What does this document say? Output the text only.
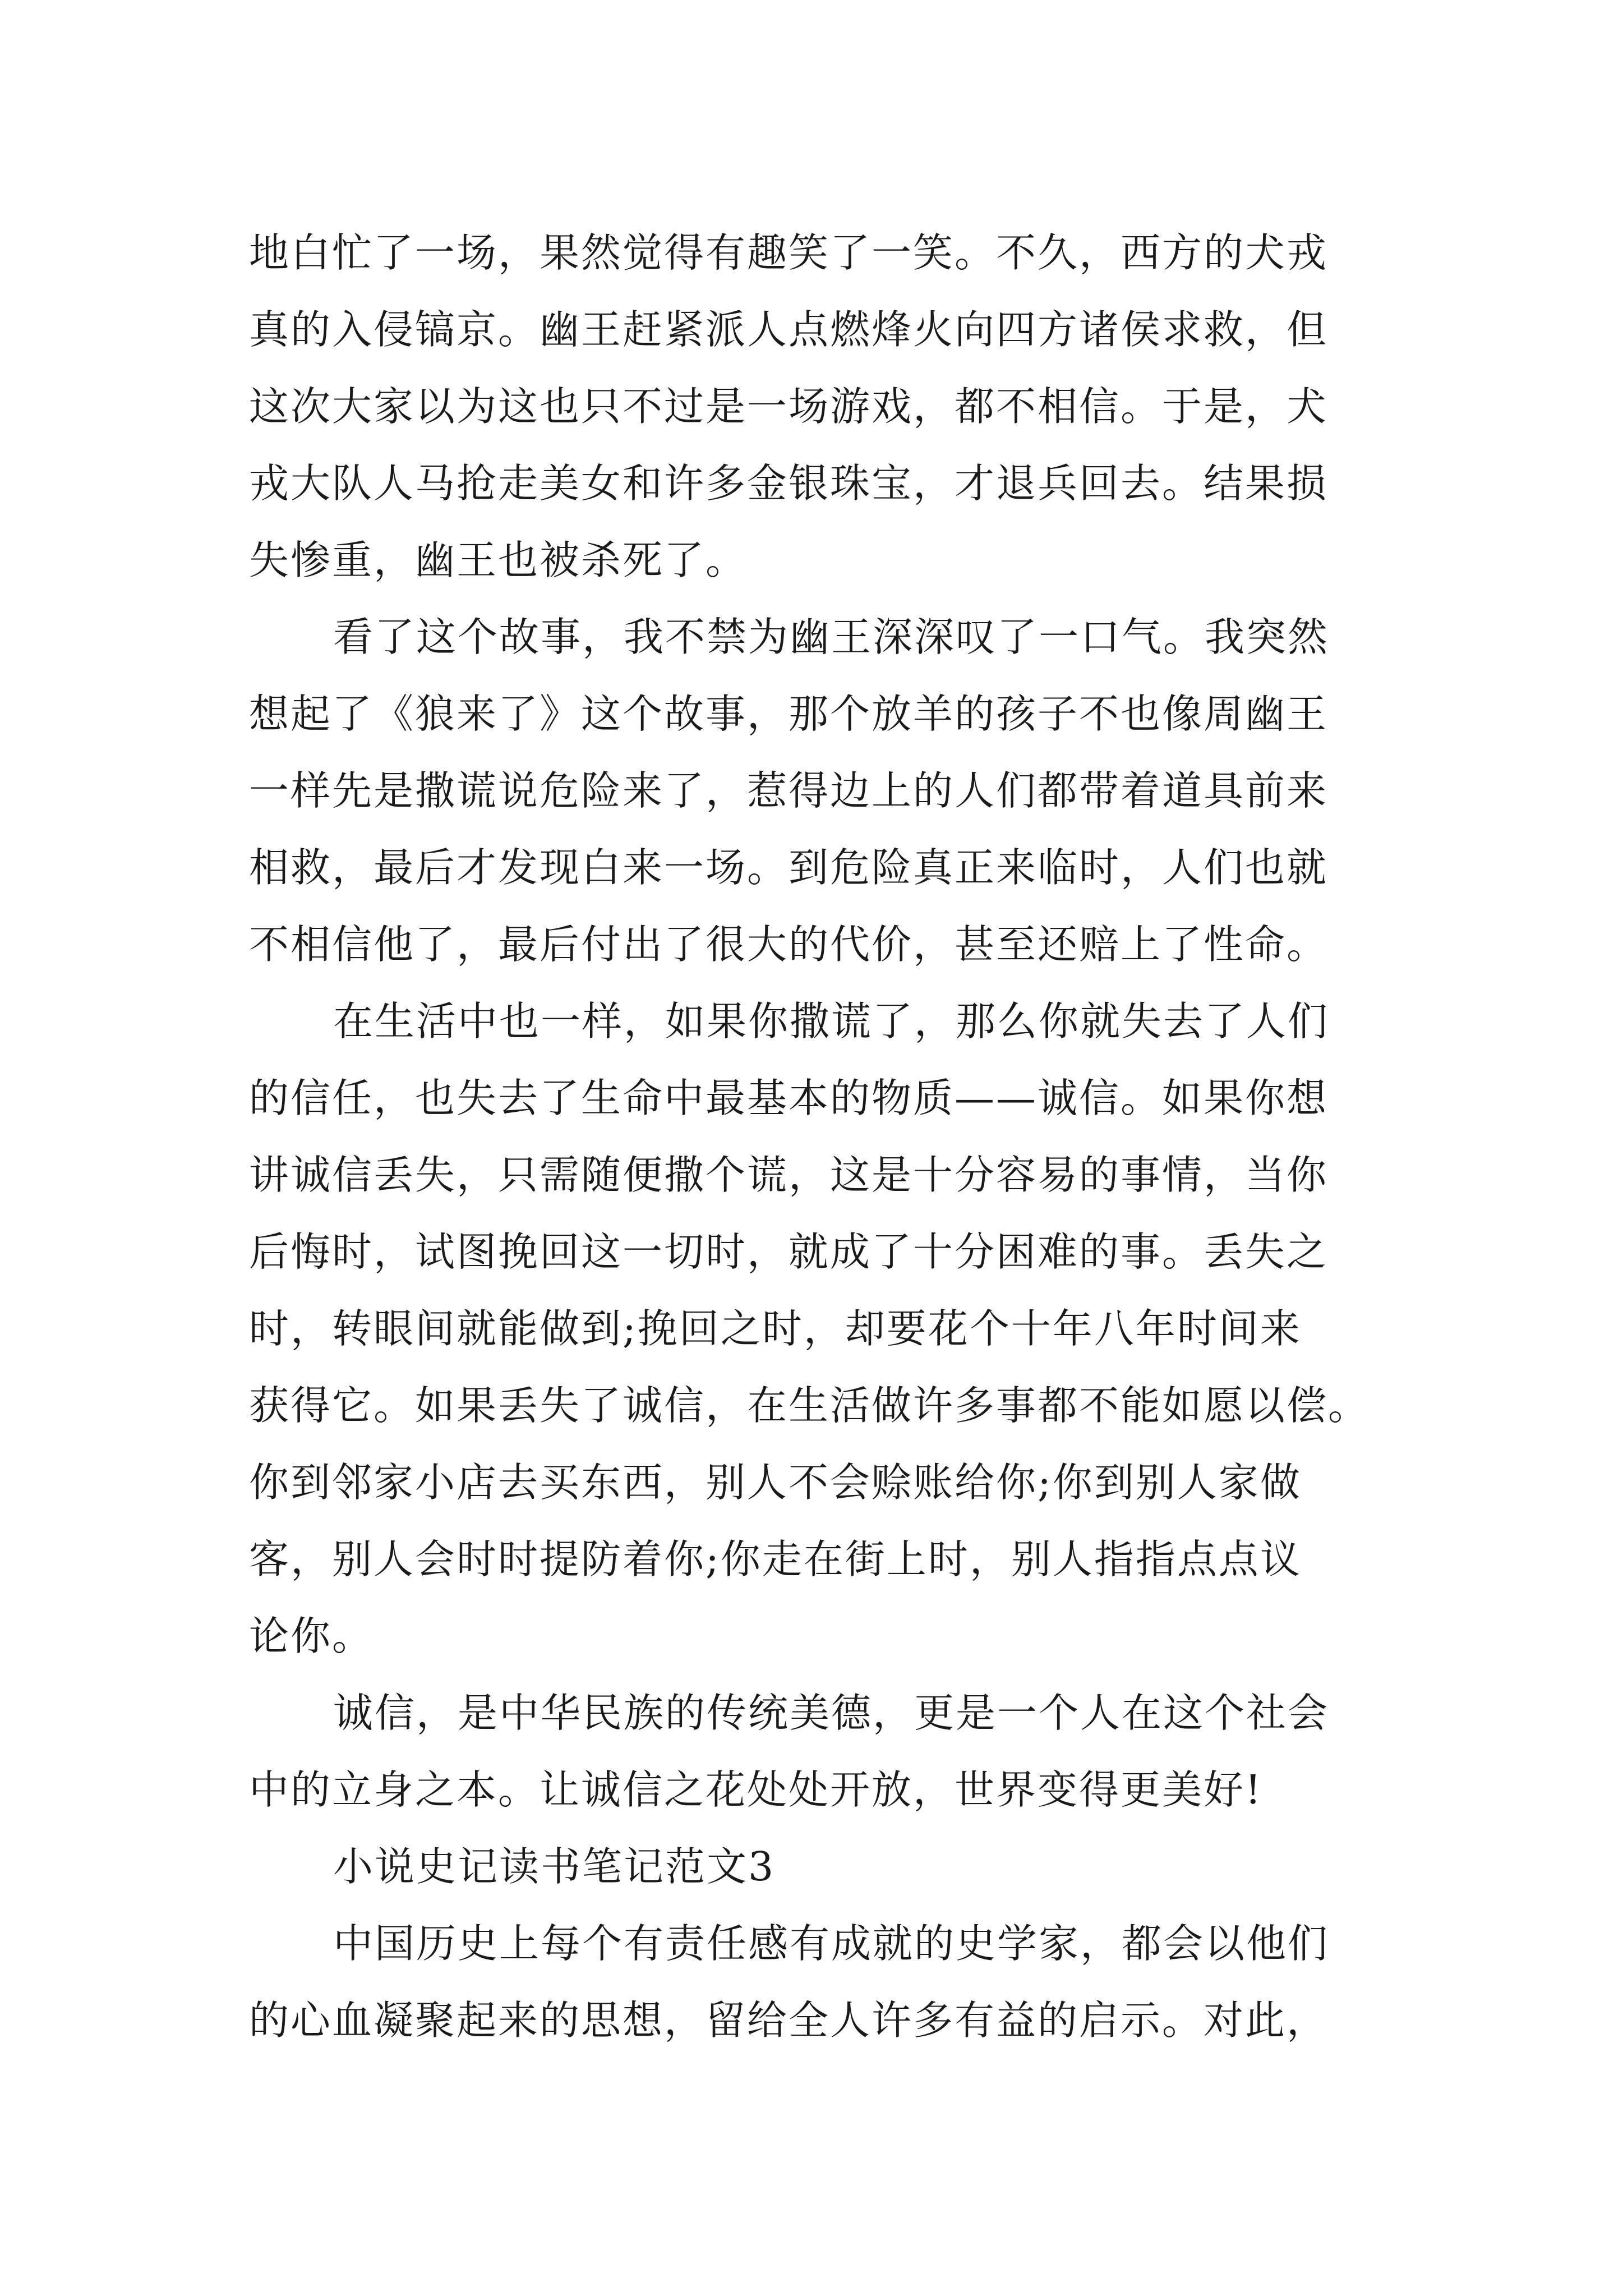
地白忙了一场，果然觉得有趣笑了一笑。不久，西方的犬戎
真的入侵镐京。幽王赶紧派人点燃烽火向四方诸侯求救，但
这次大家以为这也只不过是一场游戏，都不相信。于是，犬
戎大队人马抢走美女和许多金银珠宝，才退兵回去。结果损
失惨重，幽王也被杀死了。
看了这个故事，我不禁为幽王深深叹了一口气。我突然
想起了《狼来了》这个故事，那个放羊的孩子不也像周幽王
一样先是撒谎说危险来了，惹得边上的人们都带着道具前来
相救，最后才发现白来一场。到危险真正来临时，人们也就
不相信他了，最后付出了很大的代价，甚至还赔上了性命。
在生活中也一样，如果你撒谎了，那么你就失去了人们
的信任，也失去了生命中最基本的物质——诚信。如果你想
讲诚信丢失，只需随便撒个谎，这是十分容易的事情，当你
后悔时，试图挽回这一切时，就成了十分困难的事。丢失之
时，转眼间就能做到;挽回之时，却要花个十年八年时间来
获得它。如果丢失了诚信，在生活做许多事都不能如愿以偿。
你到邻家小店去买东西，别人不会赊账给你;你到别人家做
客，别人会时时提防着你;你走在街上时，别人指指点点议
论你。
诚信，是中华民族的传统美德，更是一个人在这个社会
中的立身之本。让诚信之花处处开放，世界变得更美好!
小说史记读书笔记范文3
中国历史上每个有责任感有成就的史学家，都会以他们
的心血凝聚起来的思想，留给全人许多有益的启示。对此，
